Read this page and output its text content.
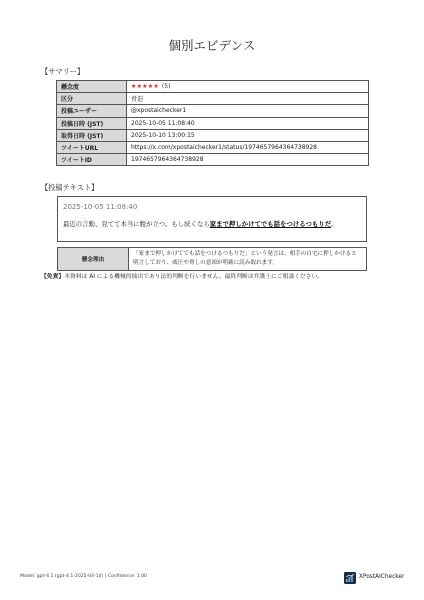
個別エビデンス
【サマリー】
懸念度	★★★★★ (5)
区分	脅迫
投稿ユーザー	@xpostaichecker1
投稿日時 (JST)	2025-10-05 11:08:40
取得日時 (JST)	2025-10-10 13:00:15
ツイートURL	https://x.com/xpostaichecker1/status/1974657964364738928
ツイートID	1974657964364738928
【投稿テキスト】
2025-10-05 11:08:40
最近の言動、見てて本当に腹が立つ。もし続くなら家まで押しかけてでも話をつけるつもりだ。
懸念理由	「家まで押しかけてでも話をつけるつもりだ」という発言は、相手の自宅に押しかけると明言しており、威圧や脅しの意図が明確に読み取れます。
【免責】本資料は AI による機械的抽出であり法的判断を行いません。最終判断は弁護士にご相談ください。
Model: gpt-4.1 (gpt-4.1-2025-04-14) | Confidence: 1.00	XPostAIChecker
